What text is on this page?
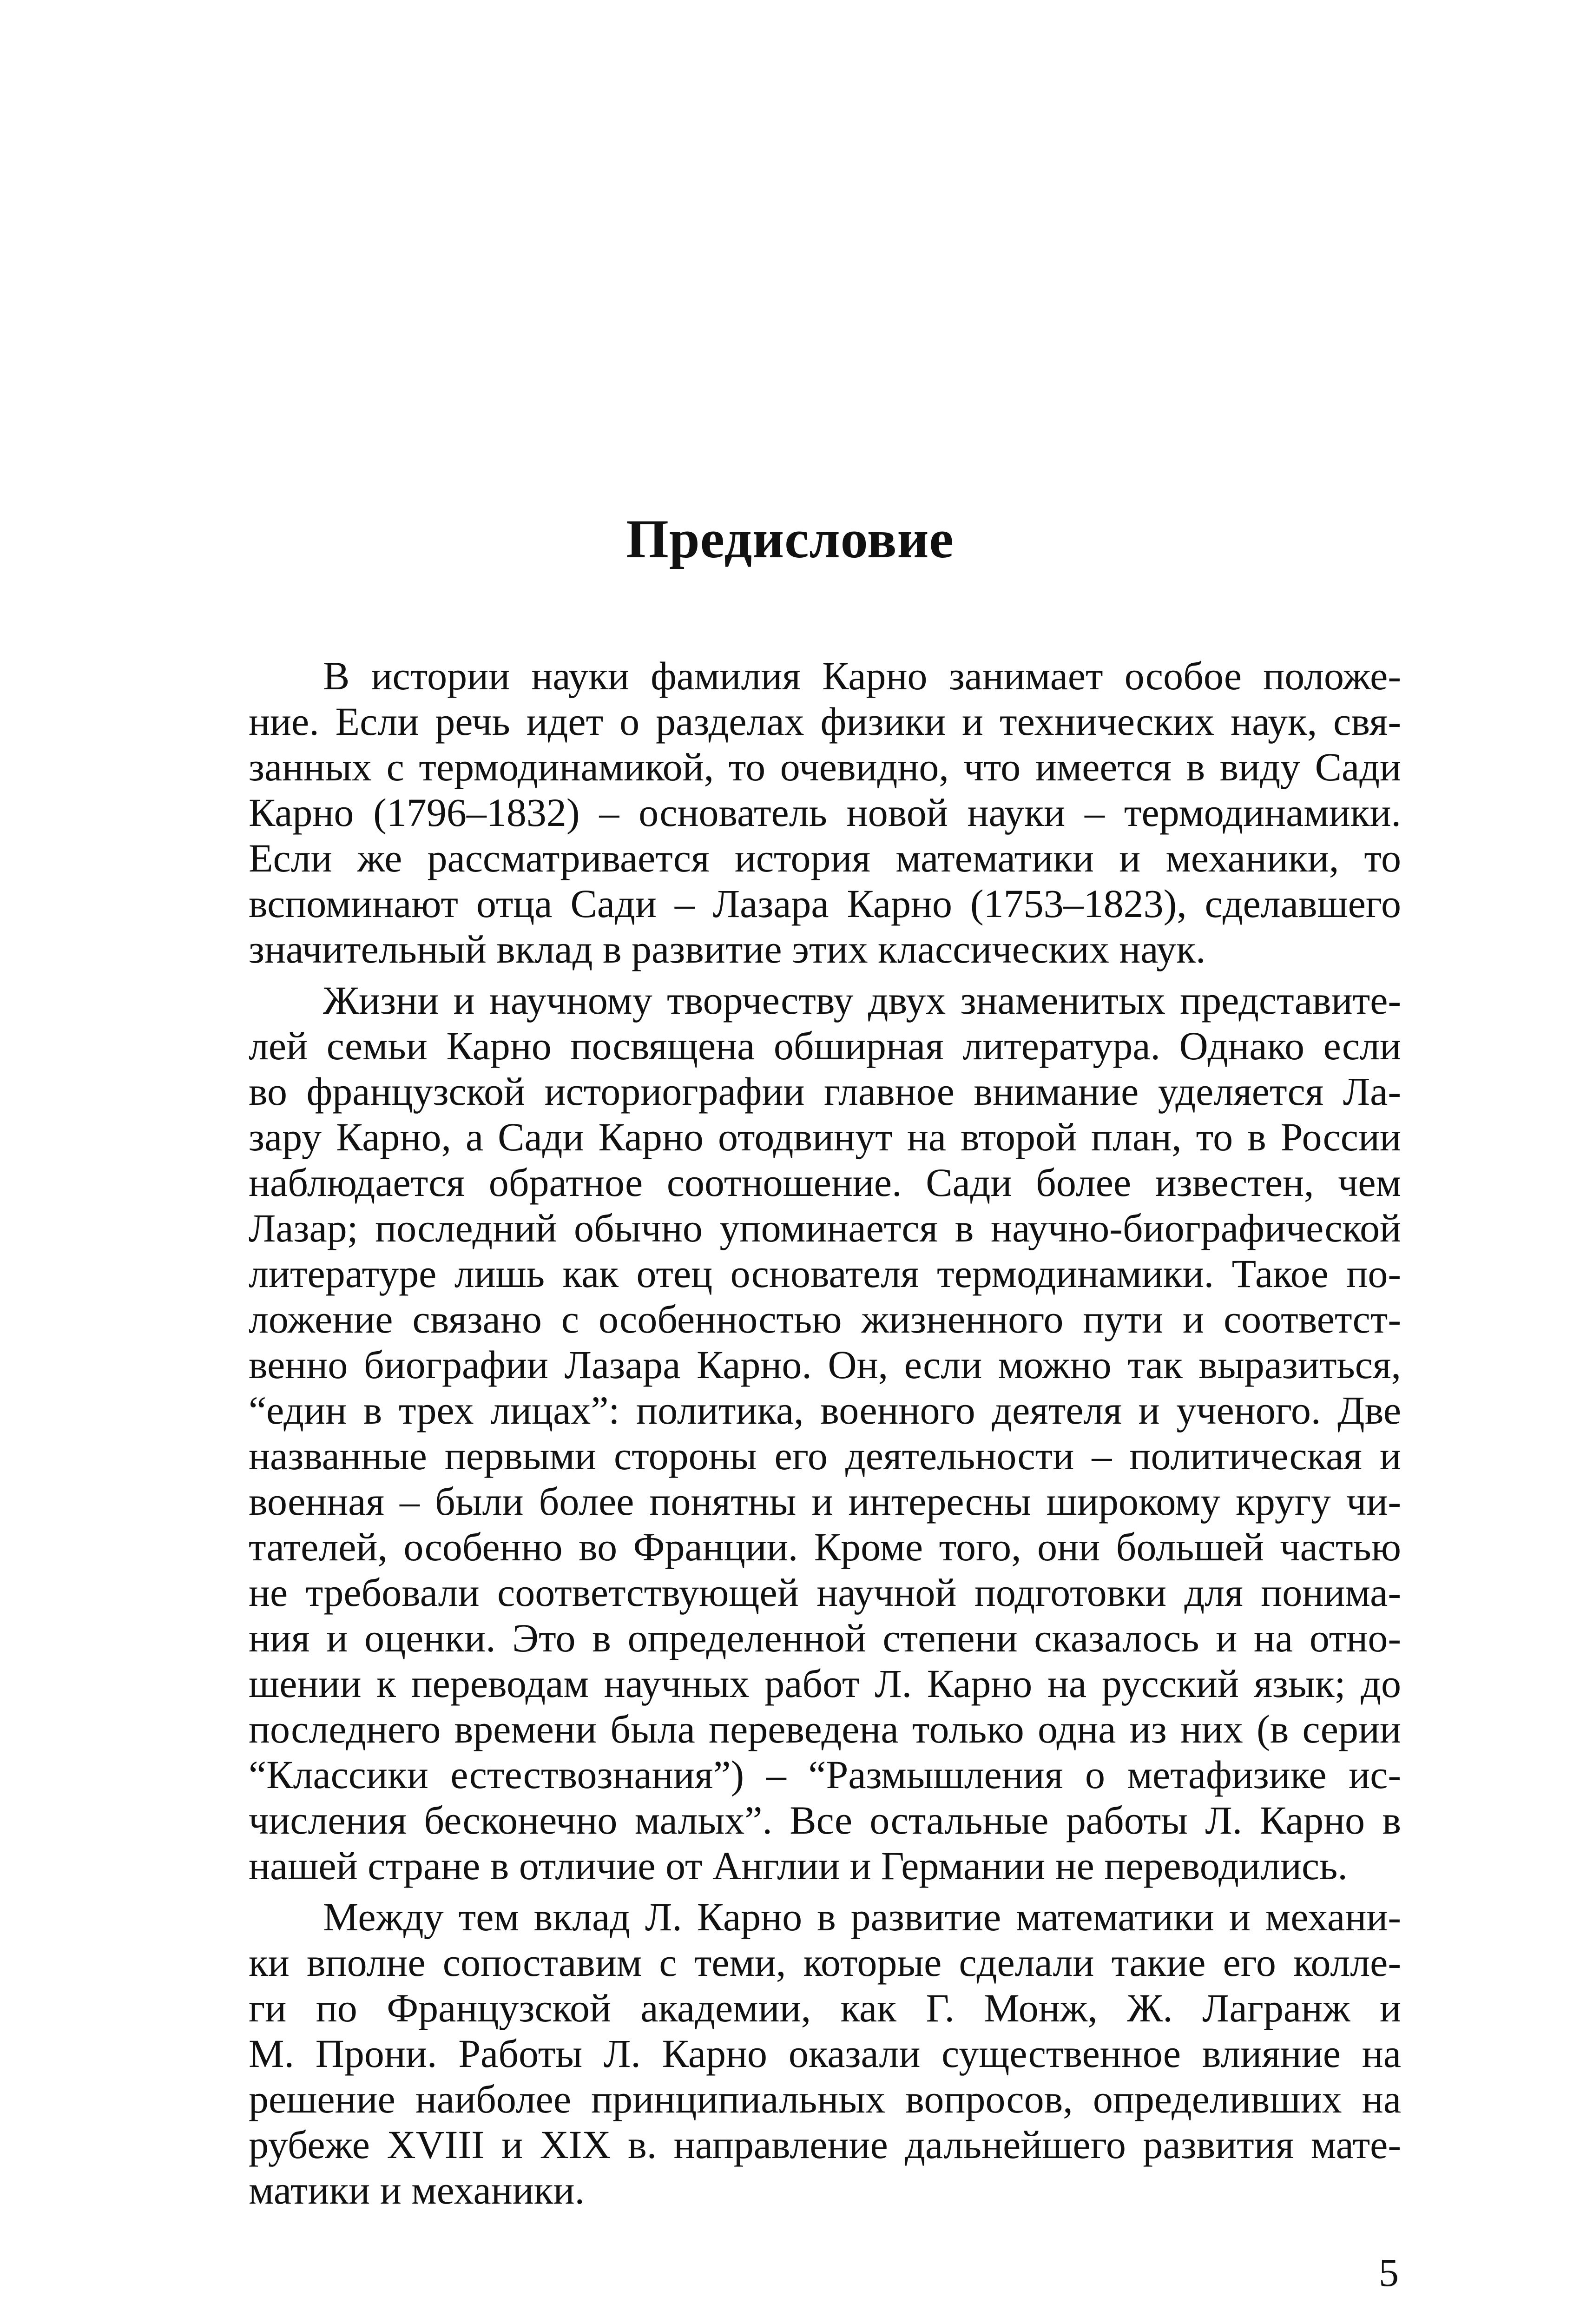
Предисловие
В истории науки фамилия Карно занимает особое положе-
ние. Если речь идет о разделах физики и технических наук, свя-
занных с термодинамикой, то очевидно, что имеется в виду Сади
Карно (1796–1832) – основатель новой науки – термодинамики.
Если же рассматривается история математики и механики, то
вспоминают отца Сади – Лазара Карно (1753–1823), сделавшего
значительный вклад в развитие этих классических наук.
Жизни и научному творчеству двух знаменитых представите-
лей семьи Карно посвящена обширная литература. Однако если
во французской историографии главное внимание уделяется Ла-
зару Карно, а Сади Карно отодвинут на второй план, то в России
наблюдается обратное соотношение. Сади более известен, чем
Лазар; последний обычно упоминается в научно-биографической
литературе лишь как отец основателя термодинамики. Такое по-
ложение связано с особенностью жизненного пути и соответст-
венно биографии Лазара Карно. Он, если можно так выразиться,
“един в трех лицах”: политика, военного деятеля и ученого. Две
названные первыми стороны его деятельности – политическая и
военная – были более понятны и интересны широкому кругу чи-
тателей, особенно во Франции. Кроме того, они большей частью
не требовали соответствующей научной подготовки для понима-
ния и оценки. Это в определенной степени сказалось и на отно-
шении к переводам научных работ Л. Карно на русский язык; до
последнего времени была переведена только одна из них (в серии
“Классики естествознания”) – “Размышления о метафизике ис-
числения бесконечно малых”. Все остальные работы Л. Карно в
нашей стране в отличие от Англии и Германии не переводились.
Между тем вклад Л. Карно в развитие математики и механи-
ки вполне сопоставим с теми, которые сделали такие его колле-
ги по Французской академии, как Г. Монж, Ж. Лагранж и
М. Прони. Работы Л. Карно оказали существенное влияние на
решение наиболее принципиальных вопросов, определивших на
рубеже XVIII и XIX в. направление дальнейшего развития мате-
матики и механики.
5
